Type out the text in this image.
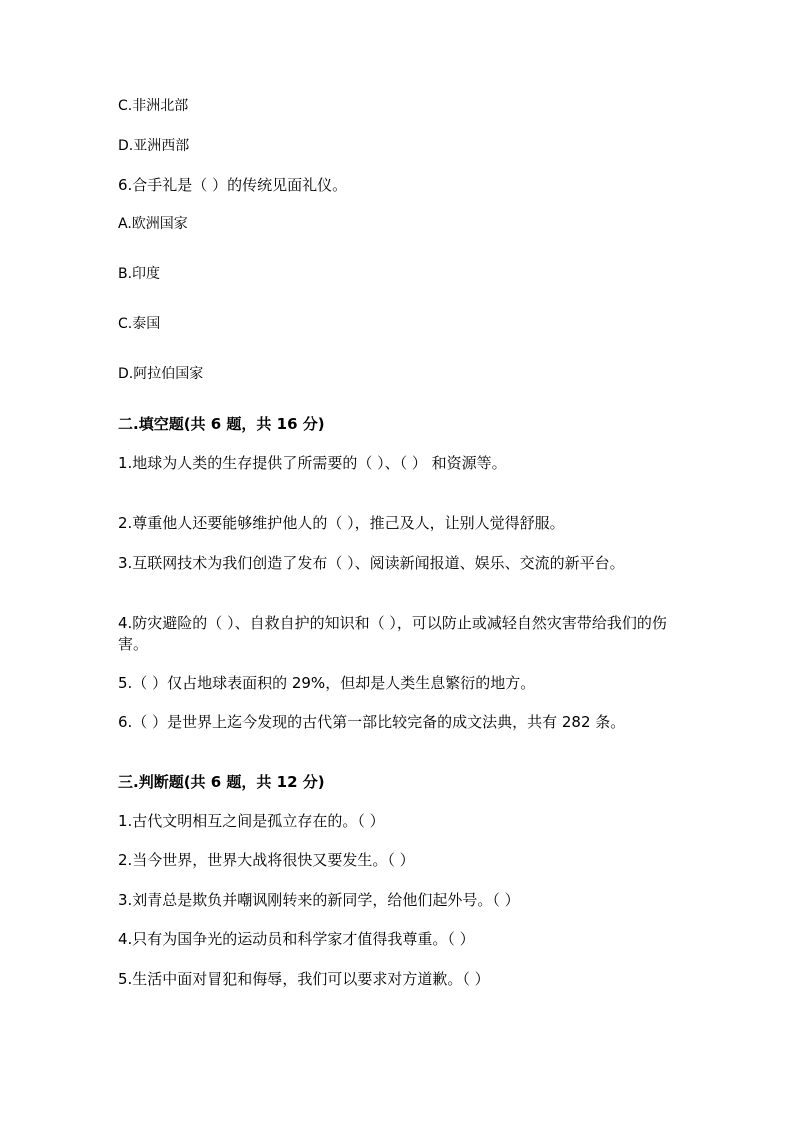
C.非洲北部
D.亚洲西部
6.合手礼是（ ）的传统见面礼仪。
A.欧洲国家
B.印度
C.泰国
D.阿拉伯国家
二.填空题(共 6 题，共 16 分)
1.地球为人类的生存提供了所需要的（ ）、（ ） 和资源等。
2.尊重他人还要能够维护他人的（ ），推己及人，让别人觉得舒服。
3.互联网技术为我们创造了发布（ ）、阅读新闻报道、娱乐、交流的新平台。
4.防灾避险的（ ）、自救自护的知识和（ ），可以防止或减轻自然灾害带给我们的伤害。
5.（ ）仅占地球表面积的 29%，但却是人类生息繁衍的地方。
6.（ ）是世界上迄今发现的古代第一部比较完备的成文法典，共有 282 条。
三.判断题(共 6 题，共 12 分)
1.古代文明相互之间是孤立存在的。（ ）
2.当今世界，世界大战将很快又要发生。（ ）
3.刘青总是欺负并嘲讽刚转来的新同学，给他们起外号。（ ）
4.只有为国争光的运动员和科学家才值得我尊重。（ ）
5.生活中面对冒犯和侮辱，我们可以要求对方道歉。（ ）
